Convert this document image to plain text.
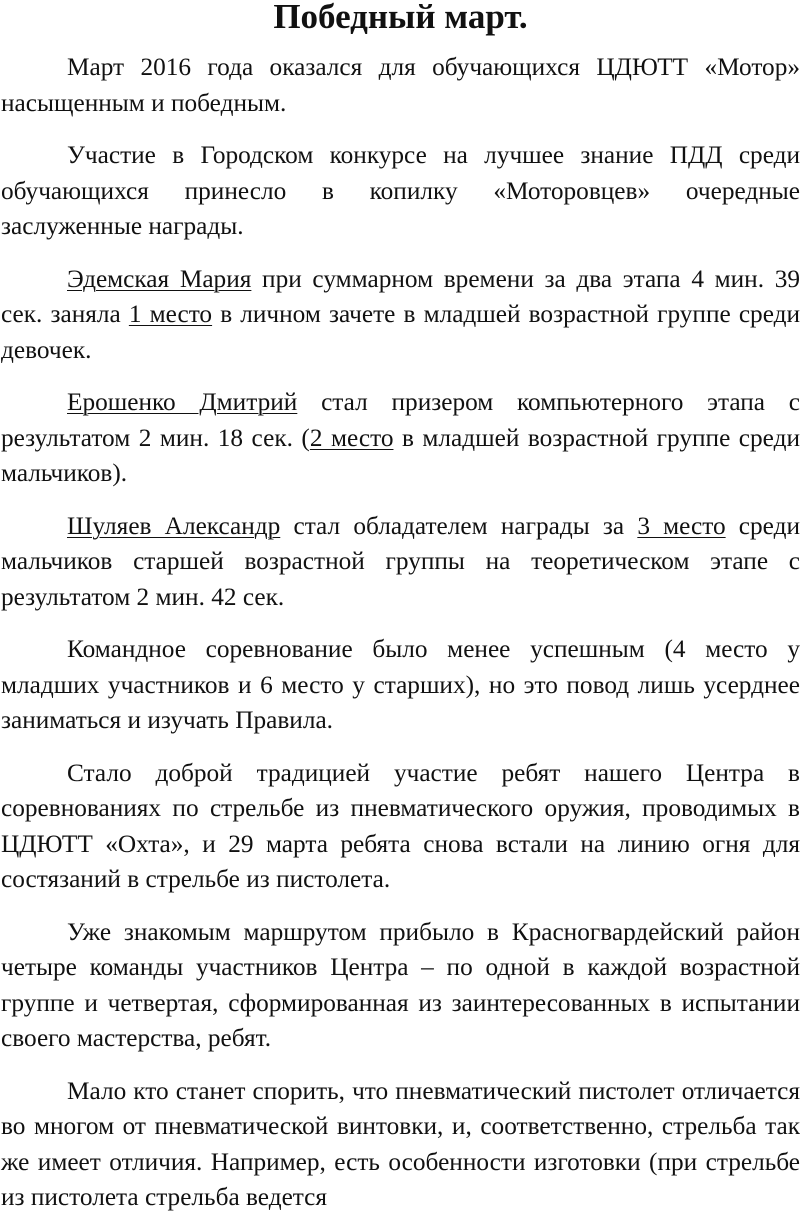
Победный март.

Март 2016 года оказался для обучающихся ЦДЮТТ «Мотор» насыщенным и победным.

Участие в Городском конкурсе на лучшее знание ПДД среди обучающихся принесло в копилку «Моторовцев» очередные заслуженные награды.

Эдемская Мария при суммарном времени за два этапа 4 мин. 39 сек. заняла 1 место в личном зачете в младшей возрастной группе среди девочек.

Ерошенко Дмитрий стал призером компьютерного этапа с результатом 2 мин. 18 сек. (2 место в младшей возрастной группе среди мальчиков).

Шуляев Александр стал обладателем награды за 3 место среди мальчиков старшей возрастной группы на теоретическом этапе с результатом 2 мин. 42 сек.

Командное соревнование было менее успешным (4 место у младших участников и 6 место у старших), но это повод лишь усерднее заниматься и изучать Правила.

Стало доброй традицией участие ребят нашего Центра в соревнованиях по стрельбе из пневматического оружия, проводимых в ЦДЮТТ «Охта», и 29 марта ребята снова встали на линию огня для состязаний в стрельбе из пистолета.

Уже знакомым маршрутом прибыло в Красногвардейский район четыре команды участников Центра – по одной в каждой возрастной группе и четвертая, сформированная из заинтересованных в испытании своего мастерства, ребят.

Мало кто станет спорить, что пневматический пистолет отличается во многом от пневматической винтовки, и, соответственно, стрельба так же имеет отличия. Например, есть особенности изготовки (при стрельбе из пистолета стрельба ведется
